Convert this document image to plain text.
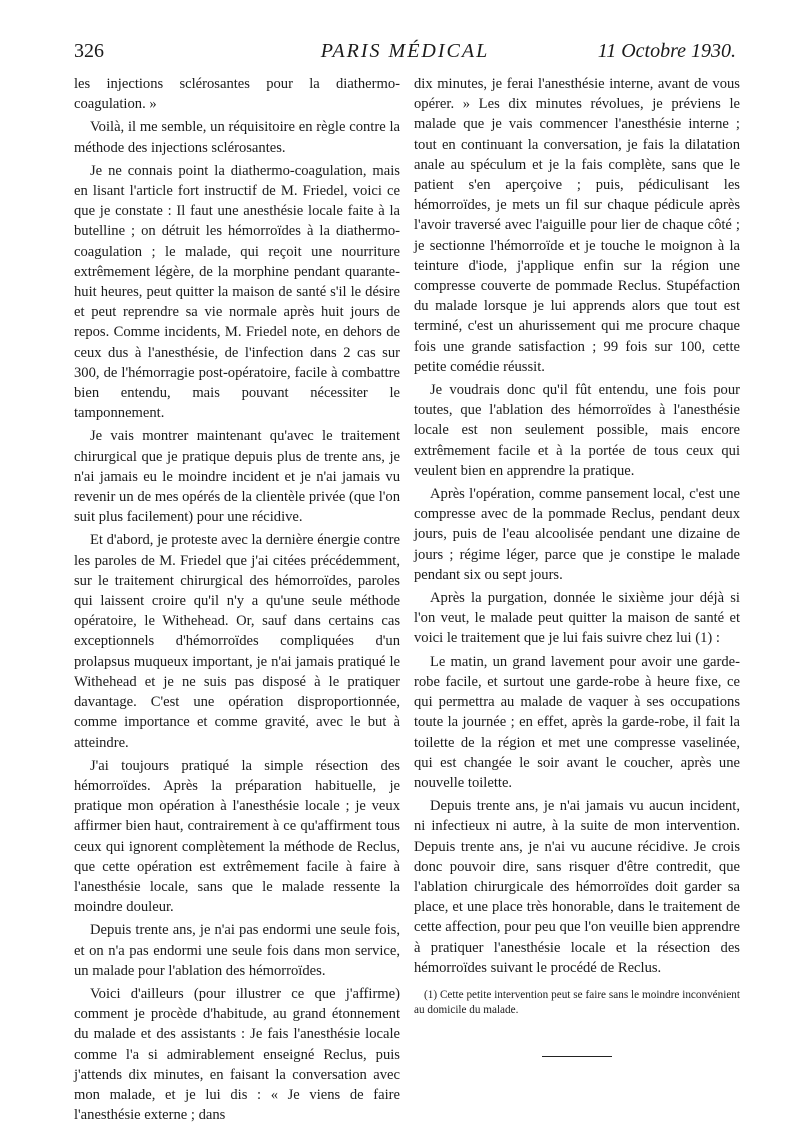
326	PARIS MÉDICAL	11 Octobre 1930.

les injections sclérosantes pour la diathermo-coagulation. »

Voilà, il me semble, un réquisitoire en règle contre la méthode des injections sclérosantes.

Je ne connais point la diathermo-coagulation, mais en lisant l'article fort instructif de M. Friedel, voici ce que je constate : Il faut une anesthésie locale faite à la butelline ; on détruit les hémorroïdes à la diathermo-coagulation ; le malade, qui reçoit une nourriture extrêmement légère, de la morphine pendant quarante-huit heures, peut quitter la maison de santé s'il le désire et peut reprendre sa vie normale après huit jours de repos. Comme incidents, M. Friedel note, en dehors de ceux dus à l'anesthésie, de l'infection dans 2 cas sur 300, de l'hémorragie post-opératoire, facile à combattre bien entendu, mais pouvant nécessiter le tamponnement.

Je vais montrer maintenant qu'avec le traitement chirurgical que je pratique depuis plus de trente ans, je n'ai jamais eu le moindre incident et je n'ai jamais vu revenir un de mes opérés de la clientèle privée (que l'on suit plus facilement) pour une récidive.

Et d'abord, je proteste avec la dernière énergie contre les paroles de M. Friedel que j'ai citées précédemment, sur le traitement chirurgical des hémorroïdes, paroles qui laissent croire qu'il n'y a qu'une seule méthode opératoire, le Withehead. Or, sauf dans certains cas exceptionnels d'hémorroïdes compliquées d'un prolapsus muqueux important, je n'ai jamais pratiqué le Withehead et je ne suis pas disposé à le pratiquer davantage. C'est une opération disproportionnée, comme importance et comme gravité, avec le but à atteindre.

J'ai toujours pratiqué la simple résection des hémorroïdes. Après la préparation habituelle, je pratique mon opération à l'anesthésie locale ; je veux affirmer bien haut, contrairement à ce qu'affirment tous ceux qui ignorent complètement la méthode de Reclus, que cette opération est extrêmement facile à faire à l'anesthésie locale, sans que le malade ressente la moindre douleur.

Depuis trente ans, je n'ai pas endormi une seule fois, et on n'a pas endormi une seule fois dans mon service, un malade pour l'ablation des hémorroïdes.

Voici d'ailleurs (pour illustrer ce que j'affirme) comment je procède d'habitude, au grand étonnement du malade et des assistants : Je fais l'anesthésie locale comme l'a si admirablement enseigné Reclus, puis j'attends dix minutes, en faisant la conversation avec mon malade, et je lui dis : « Je viens de faire l'anesthésie externe ; dans

dix minutes, je ferai l'anesthésie interne, avant de vous opérer. » Les dix minutes révolues, je préviens le malade que je vais commencer l'anesthésie interne ; tout en continuant la conversation, je fais la dilatation anale au spéculum et je la fais complète, sans que le patient s'en aperçoive ; puis, pédiculisant les hémorroïdes, je mets un fil sur chaque pédicule après l'avoir traversé avec l'aiguille pour lier de chaque côté ; je sectionne l'hémorroïde et je touche le moignon à la teinture d'iode, j'applique enfin sur la région une compresse couverte de pommade Reclus. Stupéfaction du malade lorsque je lui apprends alors que tout est terminé, c'est un ahurissement qui me procure chaque fois une grande satisfaction ; 99 fois sur 100, cette petite comédie réussit.

Je voudrais donc qu'il fût entendu, une fois pour toutes, que l'ablation des hémorroïdes à l'anesthésie locale est non seulement possible, mais encore extrêmement facile et à la portée de tous ceux qui veulent bien en apprendre la pratique.

Après l'opération, comme pansement local, c'est une compresse avec de la pommade Reclus, pendant deux jours, puis de l'eau alcoolisée pendant une dizaine de jours ; régime léger, parce que je constipe le malade pendant six ou sept jours.

Après la purgation, donnée le sixième jour déjà si l'on veut, le malade peut quitter la maison de santé et voici le traitement que je lui fais suivre chez lui (1) :

Le matin, un grand lavement pour avoir une garde-robe facile, et surtout une garde-robe à heure fixe, ce qui permettra au malade de vaquer à ses occupations toute la journée ; en effet, après la garde-robe, il fait la toilette de la région et met une compresse vaselinée, qui est changée le soir avant le coucher, après une nouvelle toilette.

Depuis trente ans, je n'ai jamais vu aucun incident, ni infectieux ni autre, à la suite de mon intervention. Depuis trente ans, je n'ai vu aucune récidive. Je crois donc pouvoir dire, sans risquer d'être contredit, que l'ablation chirurgicale des hémorroïdes doit garder sa place, et une place très honorable, dans le traitement de cette affection, pour peu que l'on veuille bien apprendre à pratiquer l'anesthésie locale et la résection des hémorroïdes suivant le procédé de Reclus.

(1) Cette petite intervention peut se faire sans le moindre inconvénient au domicile du malade.
